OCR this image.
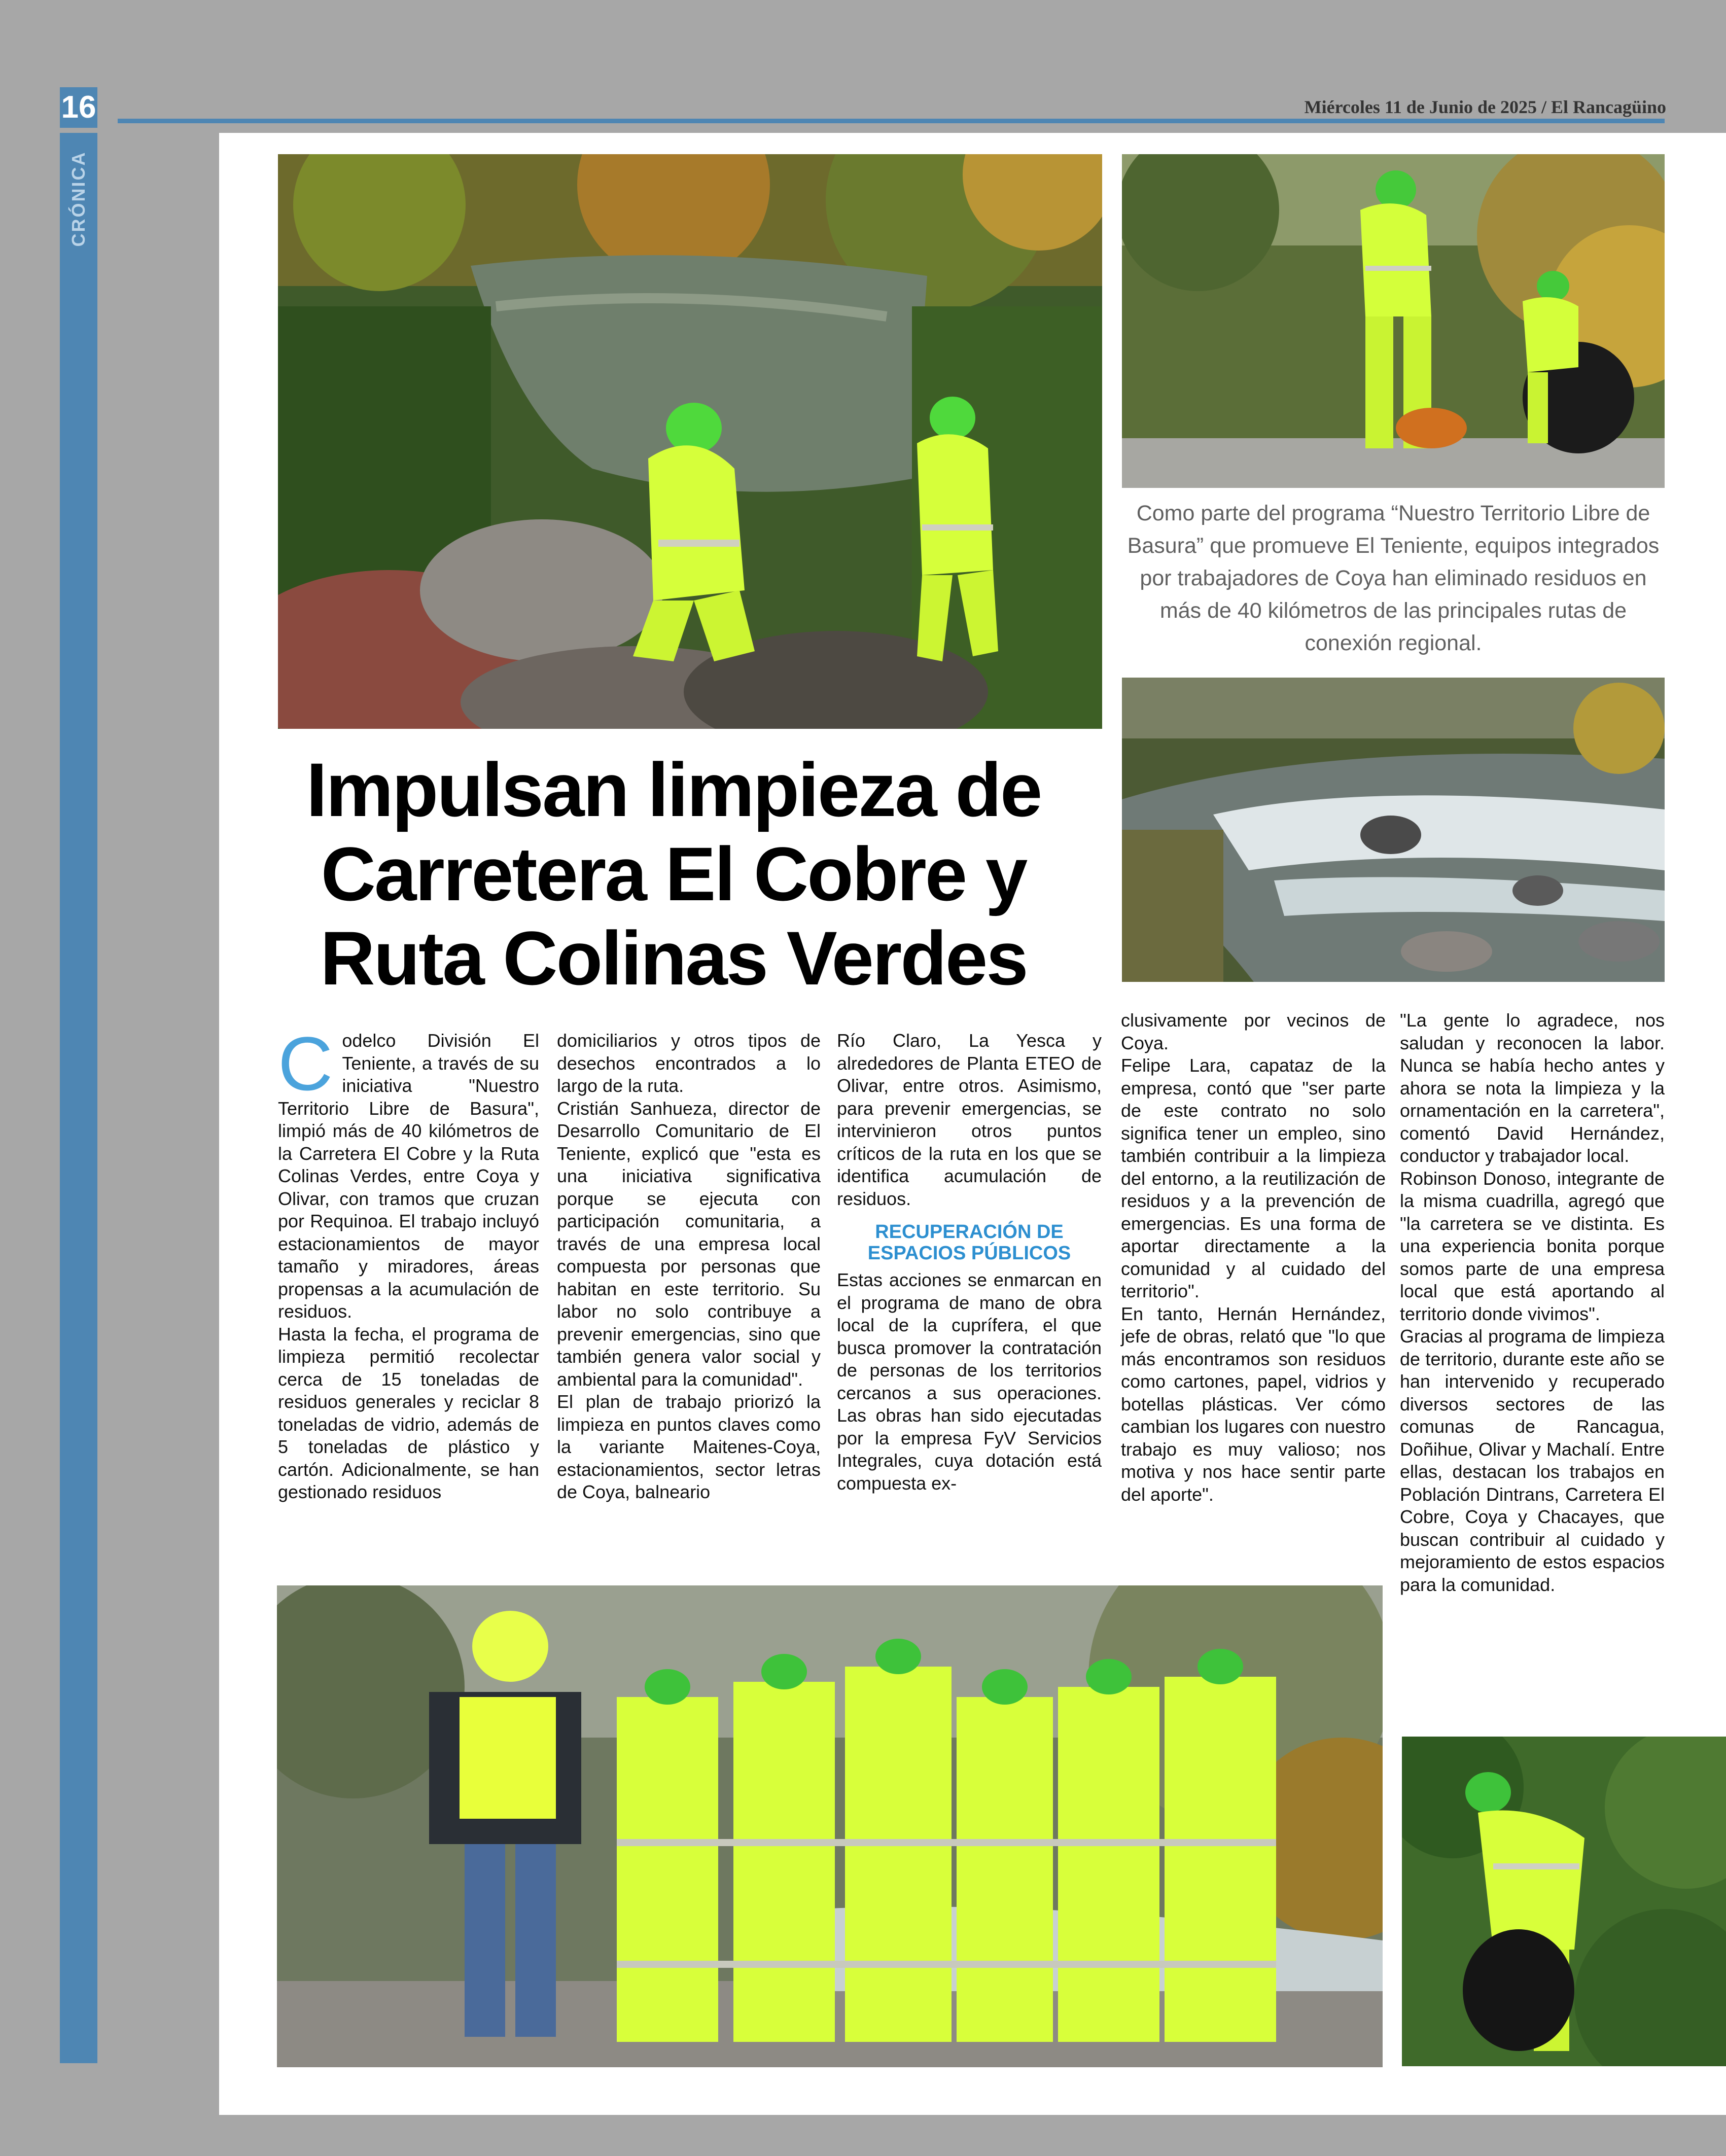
16
CRÓNICA
Miércoles 11 de Junio de 2025 / El Rancagüino
Como parte del programa “Nuestro Territorio Libre de Basura” que promueve El Teniente, equipos integrados por trabajadores de Coya han eliminado residuos en más de 40 kilómetros de las principales rutas de conexión regional.
Impulsan limpieza de Carretera El Cobre y Ruta Colinas Verdes

Codelco División El Teniente, a través de su iniciativa "Nuestro Territorio Libre de Basura", limpió más de 40 kilómetros de la Carretera El Cobre y la Ruta Colinas Verdes, entre Coya y Olivar, con tramos que cruzan por Requinoa. El trabajo incluyó estacionamientos de mayor tamaño y miradores, áreas propensas a la acumulación de residuos.

Hasta la fecha, el programa de limpieza permitió recolectar cerca de 15 toneladas de residuos generales y reciclar 8 toneladas de vidrio, además de 5 toneladas de plástico y cartón. Adicionalmente, se han gestionado residuos

domiciliarios y otros tipos de desechos encontrados a lo largo de la ruta.

Cristián Sanhueza, director de Desarrollo Comunitario de El Teniente, explicó que "esta es una iniciativa significativa porque se ejecuta con participación comunitaria, a través de una empresa local compuesta por personas que habitan en este territorio. Su labor no solo contribuye a prevenir emergencias, sino que también genera valor social y ambiental para la comunidad".

El plan de trabajo priorizó la limpieza en puntos claves como la variante Maitenes-Coya, estacionamientos, sector letras de Coya, balneario

Río Claro, La Yesca y alrededores de Planta ETEO de Olivar, entre otros. Asimismo, para prevenir emergencias, se intervinieron otros puntos críticos de la ruta en los que se identifica acumulación de residuos.

RECUPERACIÓN DE ESPACIOS PÚBLICOS

Estas acciones se enmarcan en el programa de mano de obra local de la cuprífera, el que busca promover la contratación de personas de los territorios cercanos a sus operaciones. Las obras han sido ejecutadas por la empresa FyV Servicios Integrales, cuya dotación está compuesta ex-

clusivamente por vecinos de Coya.

Felipe Lara, capataz de la empresa, contó que "ser parte de este contrato no solo significa tener un empleo, sino también contribuir a la limpieza del entorno, a la reutilización de residuos y a la prevención de emergencias. Es una forma de aportar directamente a la comunidad y al cuidado del territorio".

En tanto, Hernán Hernández, jefe de obras, relató que "lo que más encontramos son residuos como cartones, papel, vidrios y botellas plásticas. Ver cómo cambian los lugares con nuestro trabajo es muy valioso; nos motiva y nos hace sentir parte del aporte".

"La gente lo agradece, nos saludan y reconocen la labor. Nunca se había hecho antes y ahora se nota la limpieza y la ornamentación en la carretera", comentó David Hernández, conductor y trabajador local.

Robinson Donoso, integrante de la misma cuadrilla, agregó que "la carretera se ve distinta. Es una experiencia bonita porque somos parte de una empresa local que está aportando al territorio donde vivimos".

Gracias al programa de limpieza de territorio, durante este año se han intervenido y recuperado diversos sectores de las comunas de Rancagua, Doñihue, Olivar y Machalí. Entre ellas, destacan los trabajos en Población Dintrans, Carretera El Cobre, Coya y Chacayes, que buscan contribuir al cuidado y mejoramiento de estos espacios para la comunidad.
